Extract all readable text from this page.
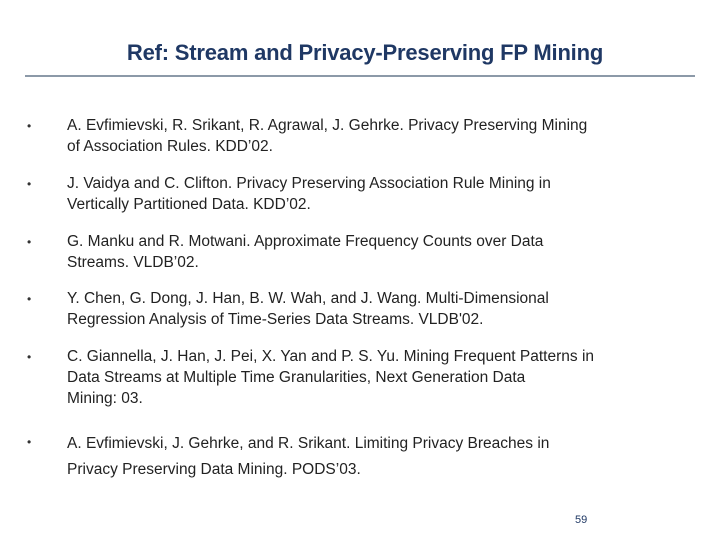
Ref: Stream and Privacy-Preserving FP Mining
• A. Evfimievski, R. Srikant, R. Agrawal, J. Gehrke. Privacy Preserving Mining
of Association Rules. KDD’02.
• J. Vaidya and C. Clifton. Privacy Preserving Association Rule Mining in
Vertically Partitioned Data. KDD’02.
• G. Manku and R. Motwani. Approximate Frequency Counts over Data
Streams. VLDB’02.
• Y. Chen, G. Dong, J. Han, B. W. Wah, and J. Wang. Multi-Dimensional
Regression Analysis of Time-Series Data Streams. VLDB'02.
• C. Giannella, J. Han, J. Pei, X. Yan and P. S. Yu. Mining Frequent Patterns in
Data Streams at Multiple Time Granularities, Next Generation Data
Mining: 03.
• A. Evfimievski, J. Gehrke, and R. Srikant. Limiting Privacy Breaches in
Privacy Preserving Data Mining. PODS’03.
59
